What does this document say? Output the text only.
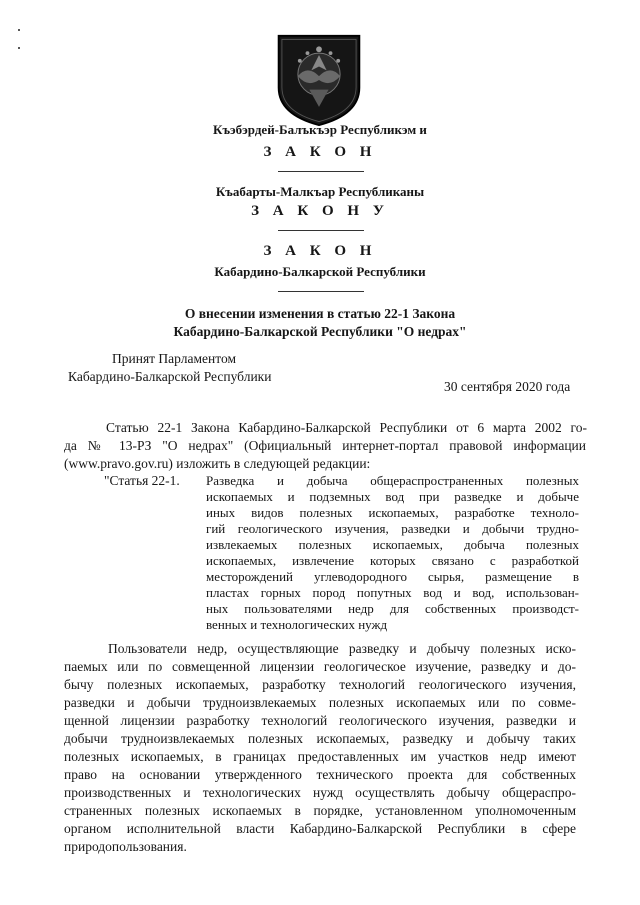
Къэбэрдей-Балъкъэр Республикэм и
З А К О Н
Къабарты-Малкъар Республиканы
З А К О Н У
З А К О Н
Кабардино-Балкарской Республики
О внесении изменения в статью 22-1 Закона
Кабардино-Балкарской Республики "О недрах"
Принят Парламентом
Кабардино-Балкарской Республики
30 сентября 2020 года
Статью 22-1 Закона Кабардино-Балкарской Республики от 6 марта 2002 го-
да № 13-РЗ "О недрах" (Официальный интернет-портал правовой информации
(www.pravo.gov.ru) изложить в следующей редакции:
"Статья 22-1. Разведка и добыча общераспространенных полезных
ископаемых и подземных вод при разведке и добыче
иных видов полезных ископаемых, разработке техноло-
гий геологического изучения, разведки и добычи трудно-
извлекаемых полезных ископаемых, добыча полезных
ископаемых, извлечение которых связано с разработкой
месторождений углеводородного сырья, размещение в
пластах горных пород попутных вод и вод, использован-
ных пользователями недр для собственных производст-
венных и технологических нужд
Пользователи недр, осуществляющие разведку и добычу полезных иско-
паемых или по совмещенной лицензии геологическое изучение, разведку и до-
бычу полезных ископаемых, разработку технологий геологического изучения,
разведки и добычи трудноизвлекаемых полезных ископаемых или по совме-
щенной лицензии разработку технологий геологического изучения, разведки и
добычи трудноизвлекаемых полезных ископаемых, разведку и добычу таких
полезных ископаемых, в границах предоставленных им участков недр имеют
право на основании утвержденного технического проекта для собственных
производственных и технологических нужд осуществлять добычу общераспро-
страненных полезных ископаемых в порядке, установленном уполномоченным
органом исполнительной власти Кабардино-Балкарской Республики в сфере
природопользования.
